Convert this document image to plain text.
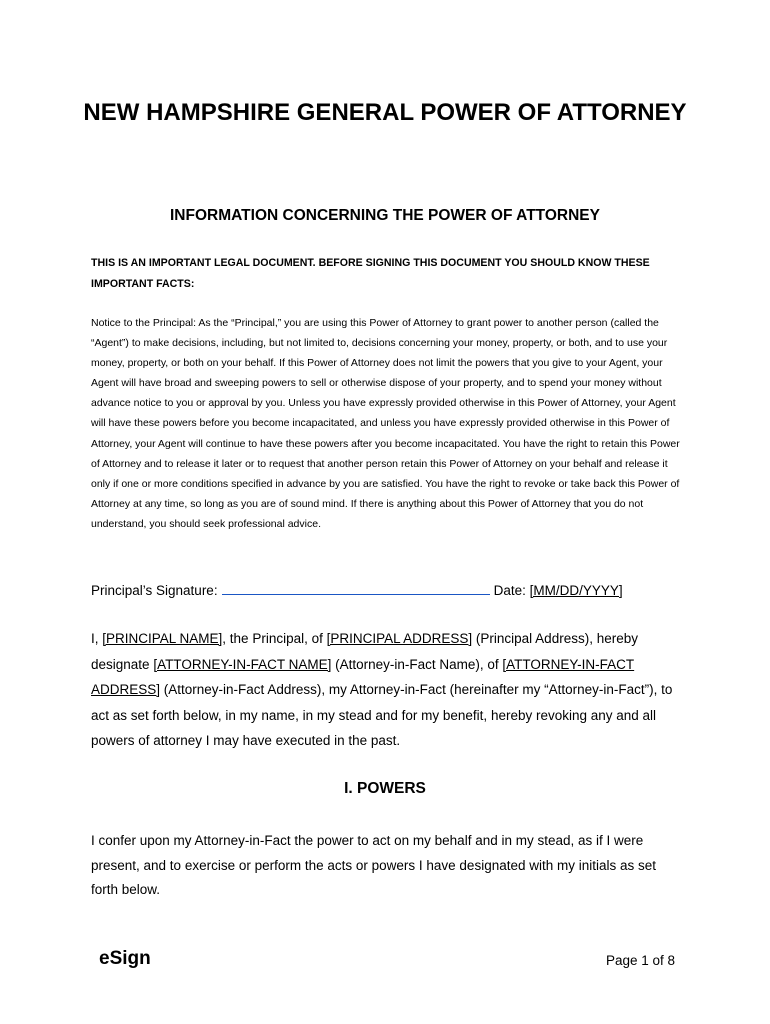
NEW HAMPSHIRE GENERAL POWER OF ATTORNEY
INFORMATION CONCERNING THE POWER OF ATTORNEY

THIS IS AN IMPORTANT LEGAL DOCUMENT. BEFORE SIGNING THIS DOCUMENT YOU SHOULD KNOW THESE IMPORTANT FACTS:

Notice to the Principal: As the “Principal,” you are using this Power of Attorney to grant power to another person (called the “Agent”) to make decisions, including, but not limited to, decisions concerning your money, property, or both, and to use your money, property, or both on your behalf. If this Power of Attorney does not limit the powers that you give to your Agent, your Agent will have broad and sweeping powers to sell or otherwise dispose of your property, and to spend your money without advance notice to you or approval by you. Unless you have expressly provided otherwise in this Power of Attorney, your Agent will have these powers before you become incapacitated, and unless you have expressly provided otherwise in this Power of Attorney, your Agent will continue to have these powers after you become incapacitated. You have the right to retain this Power of Attorney and to release it later or to request that another person retain this Power of Attorney on your behalf and release it only if one or more conditions specified in advance by you are satisfied. You have the right to revoke or take back this Power of Attorney at any time, so long as you are of sound mind. If there is anything about this Power of Attorney that you do not understand, you should seek professional advice.

Principal’s Signature:	Date: [MM/DD/YYYY]

I, [PRINCIPAL NAME], the Principal, of [PRINCIPAL ADDRESS] (Principal Address), hereby designate [ATTORNEY-IN-FACT NAME] (Attorney-in-Fact Name), of [ATTORNEY-IN-FACT ADDRESS] (Attorney-in-Fact Address), my Attorney-in-Fact (hereinafter my “Attorney-in-Fact”), to act as set forth below, in my name, in my stead and for my benefit, hereby revoking any and all powers of attorney I may have executed in the past.

I. POWERS

I confer upon my Attorney-in-Fact the power to act on my behalf and in my stead, as if I were present, and to exercise or perform the acts or powers I have designated with my initials as set forth below.

eSign	Page 1 of 8
